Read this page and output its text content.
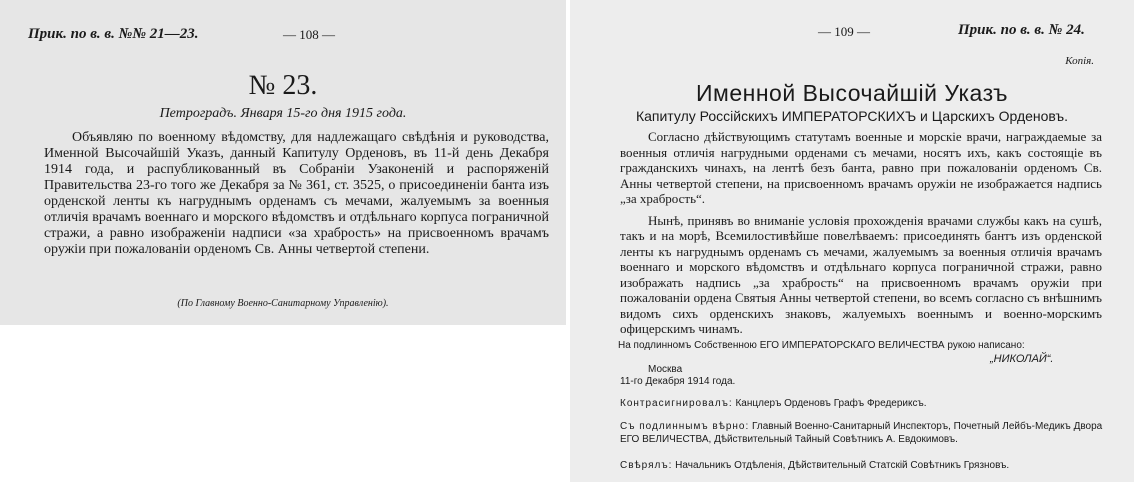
Прик. по в. в. №№ 21—23.	— 108 —
№ 23.
Петроградъ. Января 15-го дня 1915 года.

Объявляю по военному вѣдомству, для надлежащаго свѣдѣнія и руководства, Именной Высочайшій Указъ, данный Капитулу Орденовъ, въ 11-й день Декабря 1914 года, и распубликованный въ Собраніи Узаконеній и распоряженій Правительства 23-го того же Декабря за № 361, ст. 3525, о присоединеніи банта изъ орденской ленты къ нагруднымъ орденамъ съ мечами, жалуемымъ за военныя отличія врачамъ военнаго и морского вѣдомствъ и отдѣльнаго корпуса пограничной стражи, а равно изображеніи надписи «за храбрость» на присвоенномъ врачамъ оружіи при пожалованіи орденомъ Св. Анны четвертой степени.

(По Главному Военно-Санитарному Управленію).
— 109 —	Прик. по в. в. № 24.
Копія.
Именной Высочайшій Указъ
Капитулу Россійскихъ ИМПЕРАТОРСКИХЪ и Царскихъ Орденовъ.

Согласно дѣйствующимъ статутамъ военные и морскіе врачи, награждаемые за военныя отличія нагрудными орденами съ мечами, носятъ ихъ, какъ состоящіе въ гражданскихъ чинахъ, на лентѣ безъ банта, равно при пожалованіи орденомъ Св. Анны четвертой степени, на присвоенномъ врачамъ оружіи не изображается надпись „за храбрость“.

Нынѣ, принявъ во вниманіе условія прохожденія врачами службы какъ на сушѣ, такъ и на морѣ, Всемилостивѣйше повелѣваемъ: присоединять бантъ изъ орденской ленты къ нагруднымъ орденамъ съ мечами, жалуемымъ за военныя отличія врачамъ военнаго и морского вѣдомствъ и отдѣльнаго корпуса пограничной стражи, равно изображать надпись „за храбрость“ на присвоенномъ врачамъ оружіи при пожалованіи ордена Святыя Анны четвертой степени, во всемъ согласно съ внѣшнимъ видомъ сихъ орденскихъ знаковъ, жалуемыхъ военнымъ и военно-морскимъ офицерскимъ чинамъ.

На подлинномъ Собственною ЕГО ИМПЕРАТОРСКАГО ВЕЛИЧЕСТВА рукою написано:
„НИКОЛАЙ“.
Москва
11-го Декабря 1914 года.
Контрасигнировалъ: Канцлеръ Орденовъ Графъ Фредериксъ.
Съ подлиннымъ вѣрно: Главный Военно-Санитарный Инспекторъ, Почетный Лейбъ-Медикъ Двора ЕГО ВЕЛИЧЕСТВА, Дѣйствительный Тайный Совѣтникъ А. Евдокимовъ.
Свѣрялъ: Начальникъ Отдѣленія, Дѣйствительный Статскій Совѣтникъ Грязновъ.
